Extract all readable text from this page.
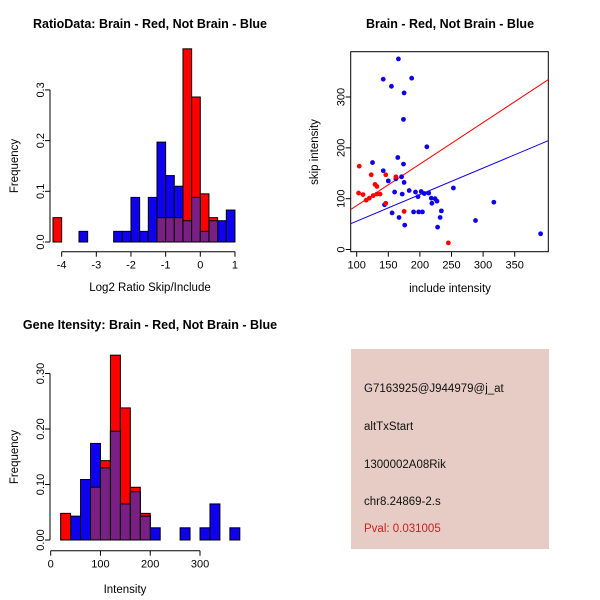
0.0
0.1
0.2
0.3
-4 -3 -2 -1 0	1
0
100
200
300
100 150 200 250 300 350
0.00
0.10
0.20
0.30
0	100	200	300
RatioData: Brain - Red, Not Brain - Blue	Brain - Red, Not Brain - Blue
Gene Itensity: Brain - Red, Not Brain - Blue
Log2 Ratio Skip/Include
Frequency
include intensity
skip intensity
Intensity
Frequency
G7163925@J944979@j_at
altTxStart
1300002A08Rik
chr8.24869-2.s
Pval: 0.031005
